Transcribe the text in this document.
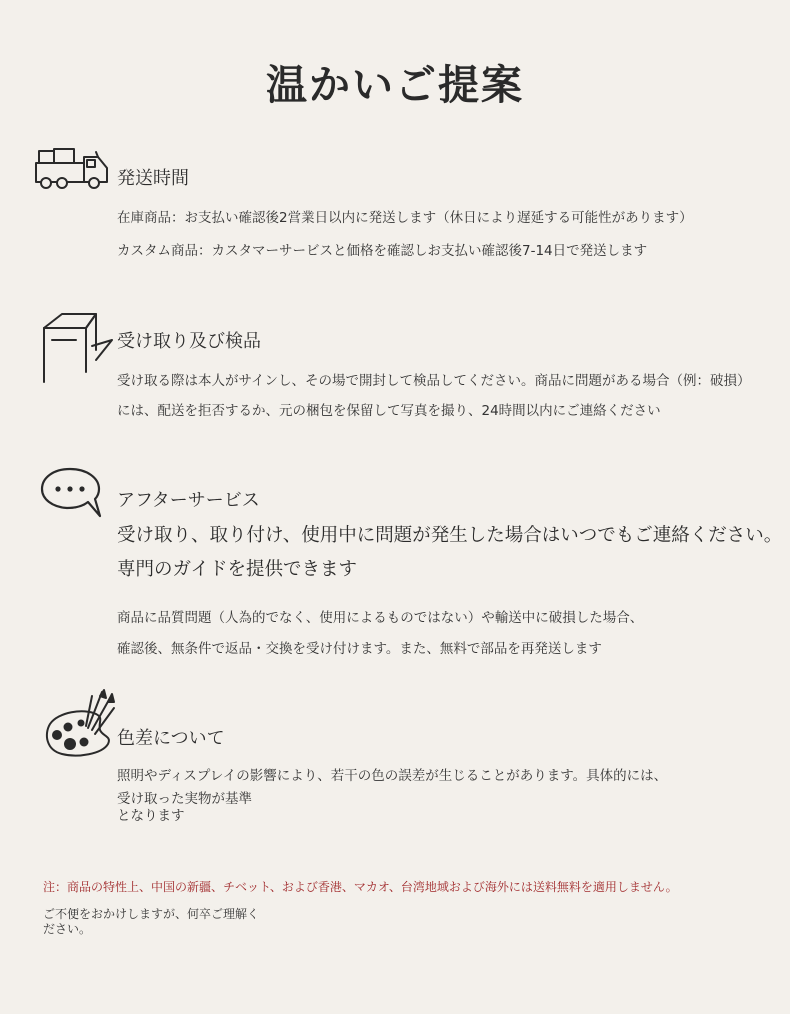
温かいご提案
発送時間

在庫商品：お支払い確認後2営業日以内に発送します（休日により遅延する可能性があります）

カスタム商品：カスタマーサービスと価格を確認しお支払い確認後7-14日で発送します

受け取り及び検品

受け取る際は本人がサインし、その場で開封して検品してください。商品に問題がある場合（例：破損）

には、配送を拒否するか、元の梱包を保留して写真を撮り、24時間以内にご連絡ください

アフターサービス

受け取り、取り付け、使用中に問題が発生した場合はいつでもご連絡ください。

専門のガイドを提供できます

商品に品質問題（人為的でなく、使用によるものではない）や輸送中に破損した場合、

確認後、無条件で返品・交換を受け付けます。また、無料で部品を再発送します

色差について

照明やディスプレイの影響により、若干の色の誤差が生じることがあります。具体的には、

受け取った実物が基準

となります

注：商品の特性上、中国の新疆、チベット、および香港、マカオ、台湾地域および海外には送料無料を適用しません。

ご不便をおかけしますが、何卒ご理解く

ださい。
